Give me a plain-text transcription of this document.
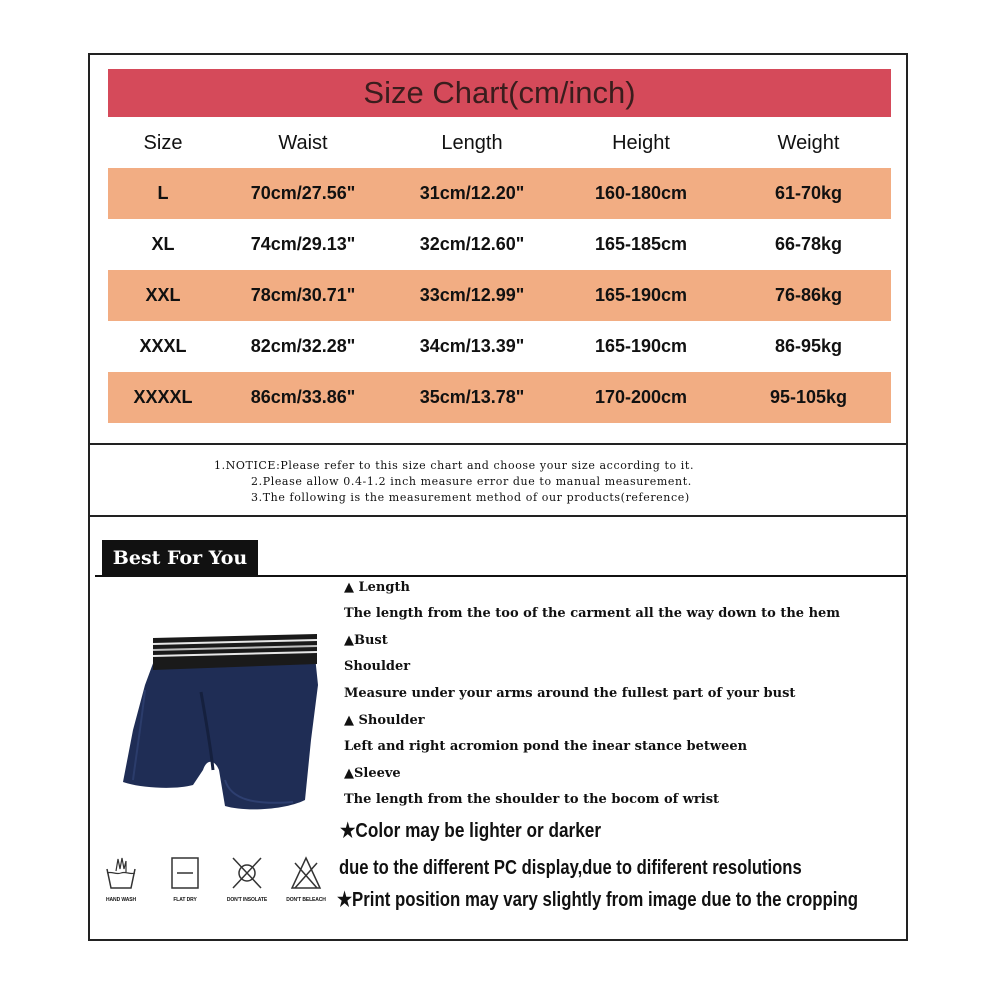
Size Chart(cm/inch)
Size	Waist	Length	Height	Weight
L	70cm/27.56"	31cm/12.20"	160-180cm	61-70kg
XL	74cm/29.13"	32cm/12.60"	165-185cm	66-78kg
XXL	78cm/30.71"	33cm/12.99"	165-190cm	76-86kg
XXXL	82cm/32.28"	34cm/13.39"	165-190cm	86-95kg
XXXXL	86cm/33.86"	35cm/13.78"	170-200cm	95-105kg
1.NOTICE:Please refer to this size chart and choose your size according to it.
2.Please allow 0.4-1.2 inch measure error due to manual measurement.
3.The following is the measurement method of our products(reference)
Best For You
▲ Length
The length from the too of the carment all the way down to the hem
▲Bust
Shoulder
Measure under your arms around the fullest part of your bust
▲ Shoulder
Left and right acromion pond the inear stance between
▲Sleeve
The length from the shoulder to the bocom of wrist
★Color may be lighter or darker
due to the different PC display,due to dififerent resolutions
★Print position may vary slightly from image due to the cropping
HAND WASH	FLAT DRY	DON'T INSOLATE	DON'T BELEACH
